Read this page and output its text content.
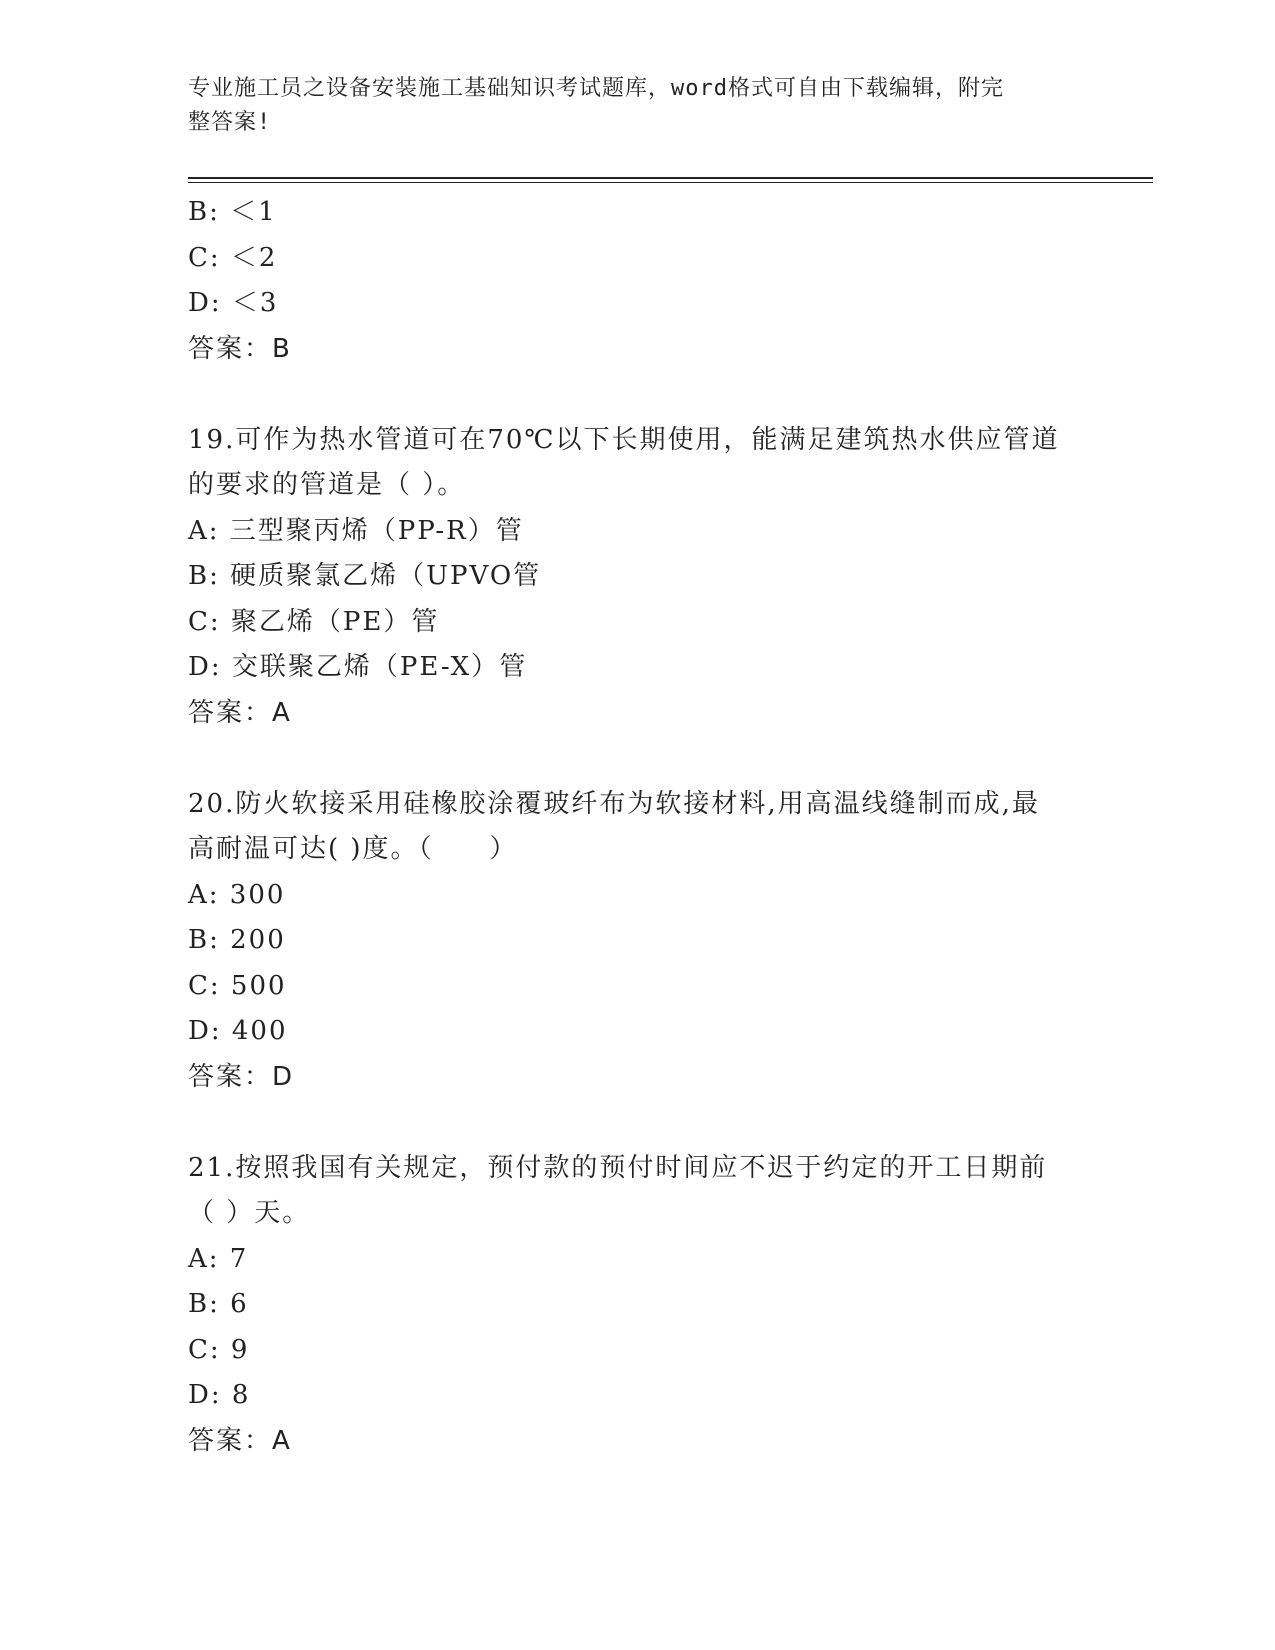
专业施工员之设备安装施工基础知识考试题库，word格式可自由下载编辑，附完
整答案!
B: ＜1
C: ＜2
D: ＜3
答案：B
19.可作为热水管道可在70℃以下长期使用，能满足建筑热水供应管道
的要求的管道是（ ）。
A: 三型聚丙烯（PP-R）管
B: 硬质聚氯乙烯（UPVO管
C: 聚乙烯（PE）管
D: 交联聚乙烯（PE-X）管
答案：A
20.防火软接采用硅橡胶涂覆玻纤布为软接材料,用高温线缝制而成,最
高耐温可达( )度。（　　）
A: 300
B: 200
C: 500
D: 400
答案：D
21.按照我国有关规定，预付款的预付时间应不迟于约定的开工日期前
（ ）天。
A: 7
B: 6
C: 9
D: 8
答案：A
